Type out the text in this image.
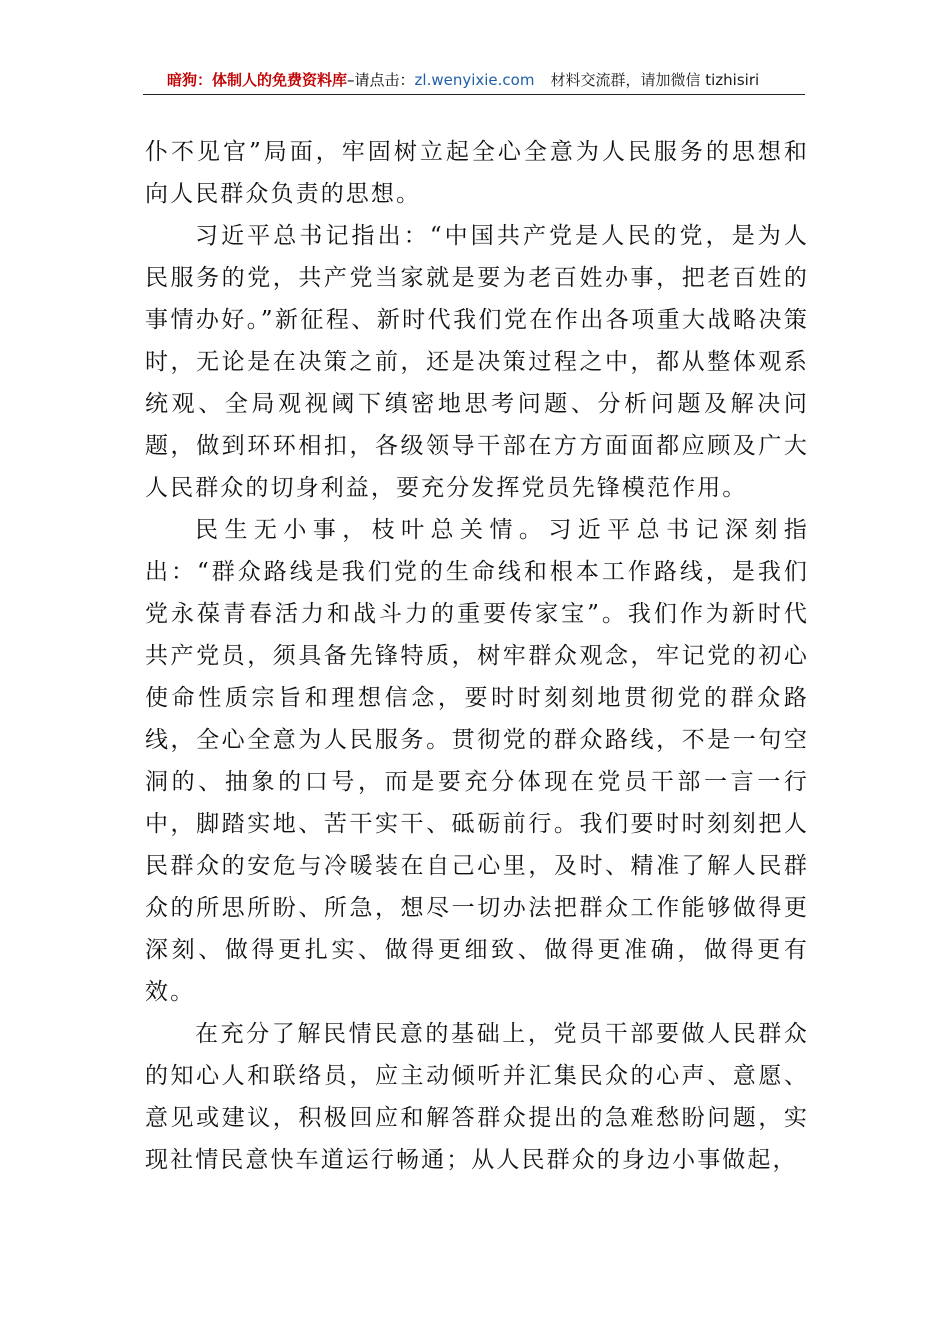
暗狗：体制人的免费资料库–请点击：zl.wenyixie.com 材料交流群，请加微信 tizhisiri

仆不见官”局面，牢固树立起全心全意为人民服务的思想和向人民群众负责的思想。

习近平总书记指出：“中国共产党是人民的党，是为人民服务的党，共产党当家就是要为老百姓办事，把老百姓的事情办好。”新征程、新时代我们党在作出各项重大战略决策时，无论是在决策之前，还是决策过程之中，都从整体观系统观、全局观视阈下缜密地思考问题、分析问题及解决问题，做到环环相扣，各级领导干部在方方面面都应顾及广大人民群众的切身利益，要充分发挥党员先锋模范作用。

民生无小事，枝叶总关情。习近平总书记深刻指出：“群众路线是我们党的生命线和根本工作路线，是我们党永葆青春活力和战斗力的重要传家宝”。我们作为新时代共产党员，须具备先锋特质，树牢群众观念，牢记党的初心使命性质宗旨和理想信念，要时时刻刻地贯彻党的群众路线，全心全意为人民服务。贯彻党的群众路线，不是一句空洞的、抽象的口号，而是要充分体现在党员干部一言一行中，脚踏实地、苦干实干、砥砺前行。我们要时时刻刻把人民群众的安危与冷暖装在自己心里，及时、精准了解人民群众的所思所盼、所急，想尽一切办法把群众工作能够做得更深刻、做得更扎实、做得更细致、做得更准确，做得更有效。

在充分了解民情民意的基础上，党员干部要做人民群众的知心人和联络员，应主动倾听并汇集民众的心声、意愿、意见或建议，积极回应和解答群众提出的急难愁盼问题，实现社情民意快车道运行畅通；从人民群众的身边小事做起，
